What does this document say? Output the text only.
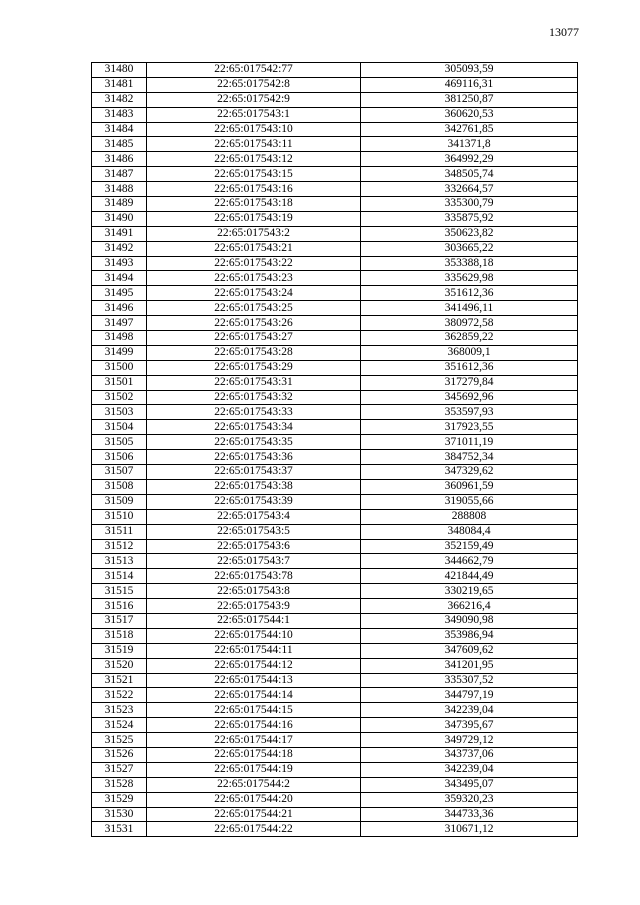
13077
31480	22:65:017542:77	305093,59
31481	22:65:017542:8	469116,31
31482	22:65:017542:9	381250,87
31483	22:65:017543:1	360620,53
31484	22:65:017543:10	342761,85
31485	22:65:017543:11	341371,8
31486	22:65:017543:12	364992,29
31487	22:65:017543:15	348505,74
31488	22:65:017543:16	332664,57
31489	22:65:017543:18	335300,79
31490	22:65:017543:19	335875,92
31491	22:65:017543:2	350623,82
31492	22:65:017543:21	303665,22
31493	22:65:017543:22	353388,18
31494	22:65:017543:23	335629,98
31495	22:65:017543:24	351612,36
31496	22:65:017543:25	341496,11
31497	22:65:017543:26	380972,58
31498	22:65:017543:27	362859,22
31499	22:65:017543:28	368009,1
31500	22:65:017543:29	351612,36
31501	22:65:017543:31	317279,84
31502	22:65:017543:32	345692,96
31503	22:65:017543:33	353597,93
31504	22:65:017543:34	317923,55
31505	22:65:017543:35	371011,19
31506	22:65:017543:36	384752,34
31507	22:65:017543:37	347329,62
31508	22:65:017543:38	360961,59
31509	22:65:017543:39	319055,66
31510	22:65:017543:4	288808
31511	22:65:017543:5	348084,4
31512	22:65:017543:6	352159,49
31513	22:65:017543:7	344662,79
31514	22:65:017543:78	421844,49
31515	22:65:017543:8	330219,65
31516	22:65:017543:9	366216,4
31517	22:65:017544:1	349090,98
31518	22:65:017544:10	353986,94
31519	22:65:017544:11	347609,62
31520	22:65:017544:12	341201,95
31521	22:65:017544:13	335307,52
31522	22:65:017544:14	344797,19
31523	22:65:017544:15	342239,04
31524	22:65:017544:16	347395,67
31525	22:65:017544:17	349729,12
31526	22:65:017544:18	343737,06
31527	22:65:017544:19	342239,04
31528	22:65:017544:2	343495,07
31529	22:65:017544:20	359320,23
31530	22:65:017544:21	344733,36
31531	22:65:017544:22	310671,12
